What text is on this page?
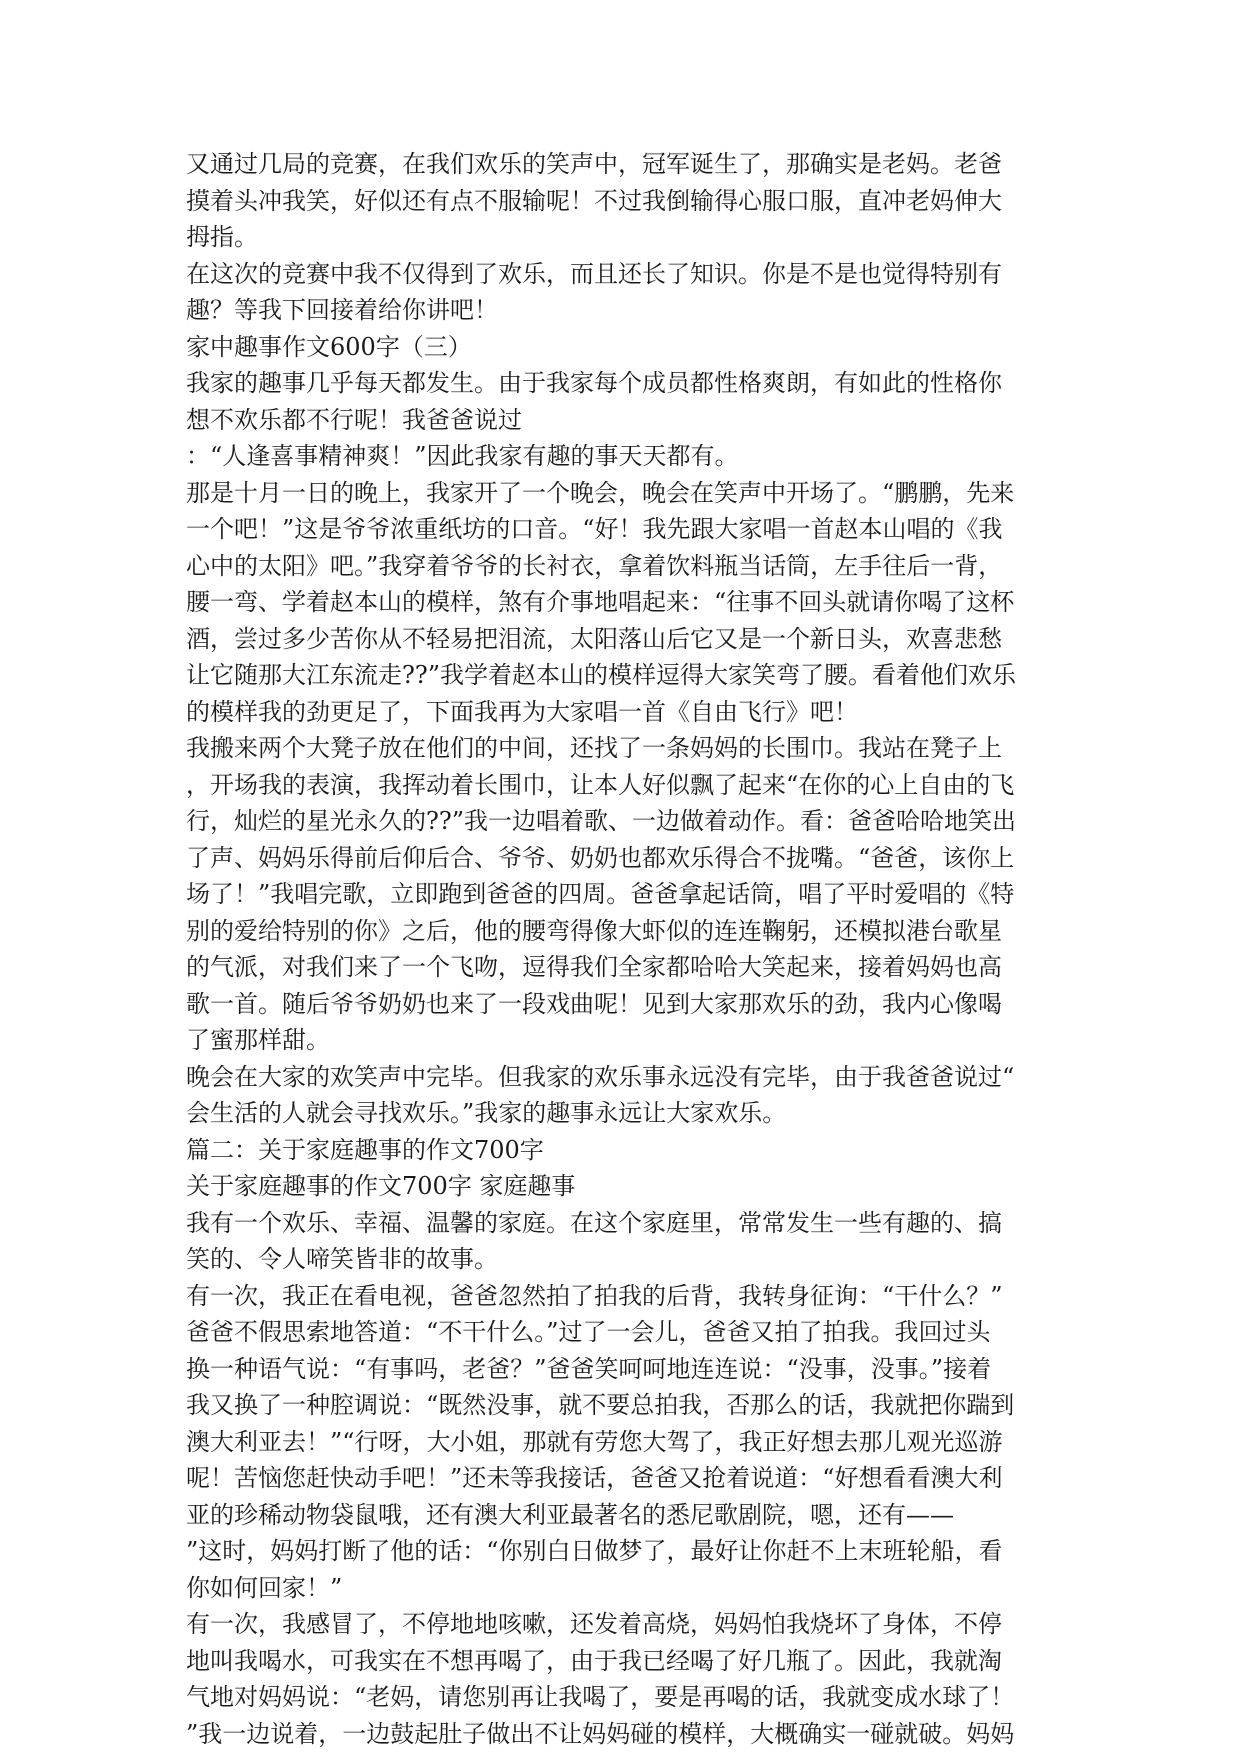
又通过几局的竞赛，在我们欢乐的笑声中，冠军诞生了，那确实是老妈。老爸
摸着头冲我笑，好似还有点不服输呢！不过我倒输得心服口服，直冲老妈伸大
拇指。
在这次的竞赛中我不仅得到了欢乐，而且还长了知识。你是不是也觉得特别有
趣？等我下回接着给你讲吧！
家中趣事作文600字（三）
我家的趣事几乎每天都发生。由于我家每个成员都性格爽朗，有如此的性格你
想不欢乐都不行呢！我爸爸说过
：“人逢喜事精神爽！”因此我家有趣的事天天都有。
那是十月一日的晚上，我家开了一个晚会，晚会在笑声中开场了。“鹏鹏，先来
一个吧！”这是爷爷浓重纸坊的口音。“好！我先跟大家唱一首赵本山唱的《我
心中的太阳》吧。”我穿着爷爷的长衬衣，拿着饮料瓶当话筒，左手往后一背，
腰一弯、学着赵本山的模样，煞有介事地唱起来：“往事不回头就请你喝了这杯
酒，尝过多少苦你从不轻易把泪流，太阳落山后它又是一个新日头，欢喜悲愁
让它随那大江东流走??”我学着赵本山的模样逗得大家笑弯了腰。看着他们欢乐
的模样我的劲更足了，下面我再为大家唱一首《自由飞行》吧！
我搬来两个大凳子放在他们的中间，还找了一条妈妈的长围巾。我站在凳子上
，开场我的表演，我挥动着长围巾，让本人好似飘了起来“在你的心上自由的飞
行，灿烂的星光永久的??”我一边唱着歌、一边做着动作。看：爸爸哈哈地笑出
了声、妈妈乐得前后仰后合、爷爷、奶奶也都欢乐得合不拢嘴。“爸爸，该你上
场了！”我唱完歌，立即跑到爸爸的四周。爸爸拿起话筒，唱了平时爱唱的《特
别的爱给特别的你》之后，他的腰弯得像大虾似的连连鞠躬，还模拟港台歌星
的气派，对我们来了一个飞吻，逗得我们全家都哈哈大笑起来，接着妈妈也高
歌一首。随后爷爷奶奶也来了一段戏曲呢！见到大家那欢乐的劲，我内心像喝
了蜜那样甜。
晚会在大家的欢笑声中完毕。但我家的欢乐事永远没有完毕，由于我爸爸说过“
会生活的人就会寻找欢乐。”我家的趣事永远让大家欢乐。
篇二：关于家庭趣事的作文700字
关于家庭趣事的作文700字 家庭趣事
我有一个欢乐、幸福、温馨的家庭。在这个家庭里，常常发生一些有趣的、搞
笑的、令人啼笑皆非的故事。
有一次，我正在看电视，爸爸忽然拍了拍我的后背，我转身征询：“干什么？”
爸爸不假思索地答道：“不干什么。”过了一会儿，爸爸又拍了拍我。我回过头
换一种语气说：“有事吗，老爸？”爸爸笑呵呵地连连说：“没事，没事。”接着
我又换了一种腔调说：“既然没事，就不要总拍我，否那么的话，我就把你踹到
澳大利亚去！”“行呀，大小姐，那就有劳您大驾了，我正好想去那儿观光巡游
呢！苦恼您赶快动手吧！”还未等我接话，爸爸又抢着说道：“好想看看澳大利
亚的珍稀动物袋鼠哦，还有澳大利亚最著名的悉尼歌剧院，嗯，还有——
”这时，妈妈打断了他的话：“你别白日做梦了，最好让你赶不上末班轮船，看
你如何回家！”
有一次，我感冒了，不停地地咳嗽，还发着高烧，妈妈怕我烧坏了身体，不停
地叫我喝水，可我实在不想再喝了，由于我已经喝了好几瓶了。因此，我就淘
气地对妈妈说：“老妈，请您别再让我喝了，要是再喝的话，我就变成水球了！
”我一边说着，一边鼓起肚子做出不让妈妈碰的模样，大概确实一碰就破。妈妈
